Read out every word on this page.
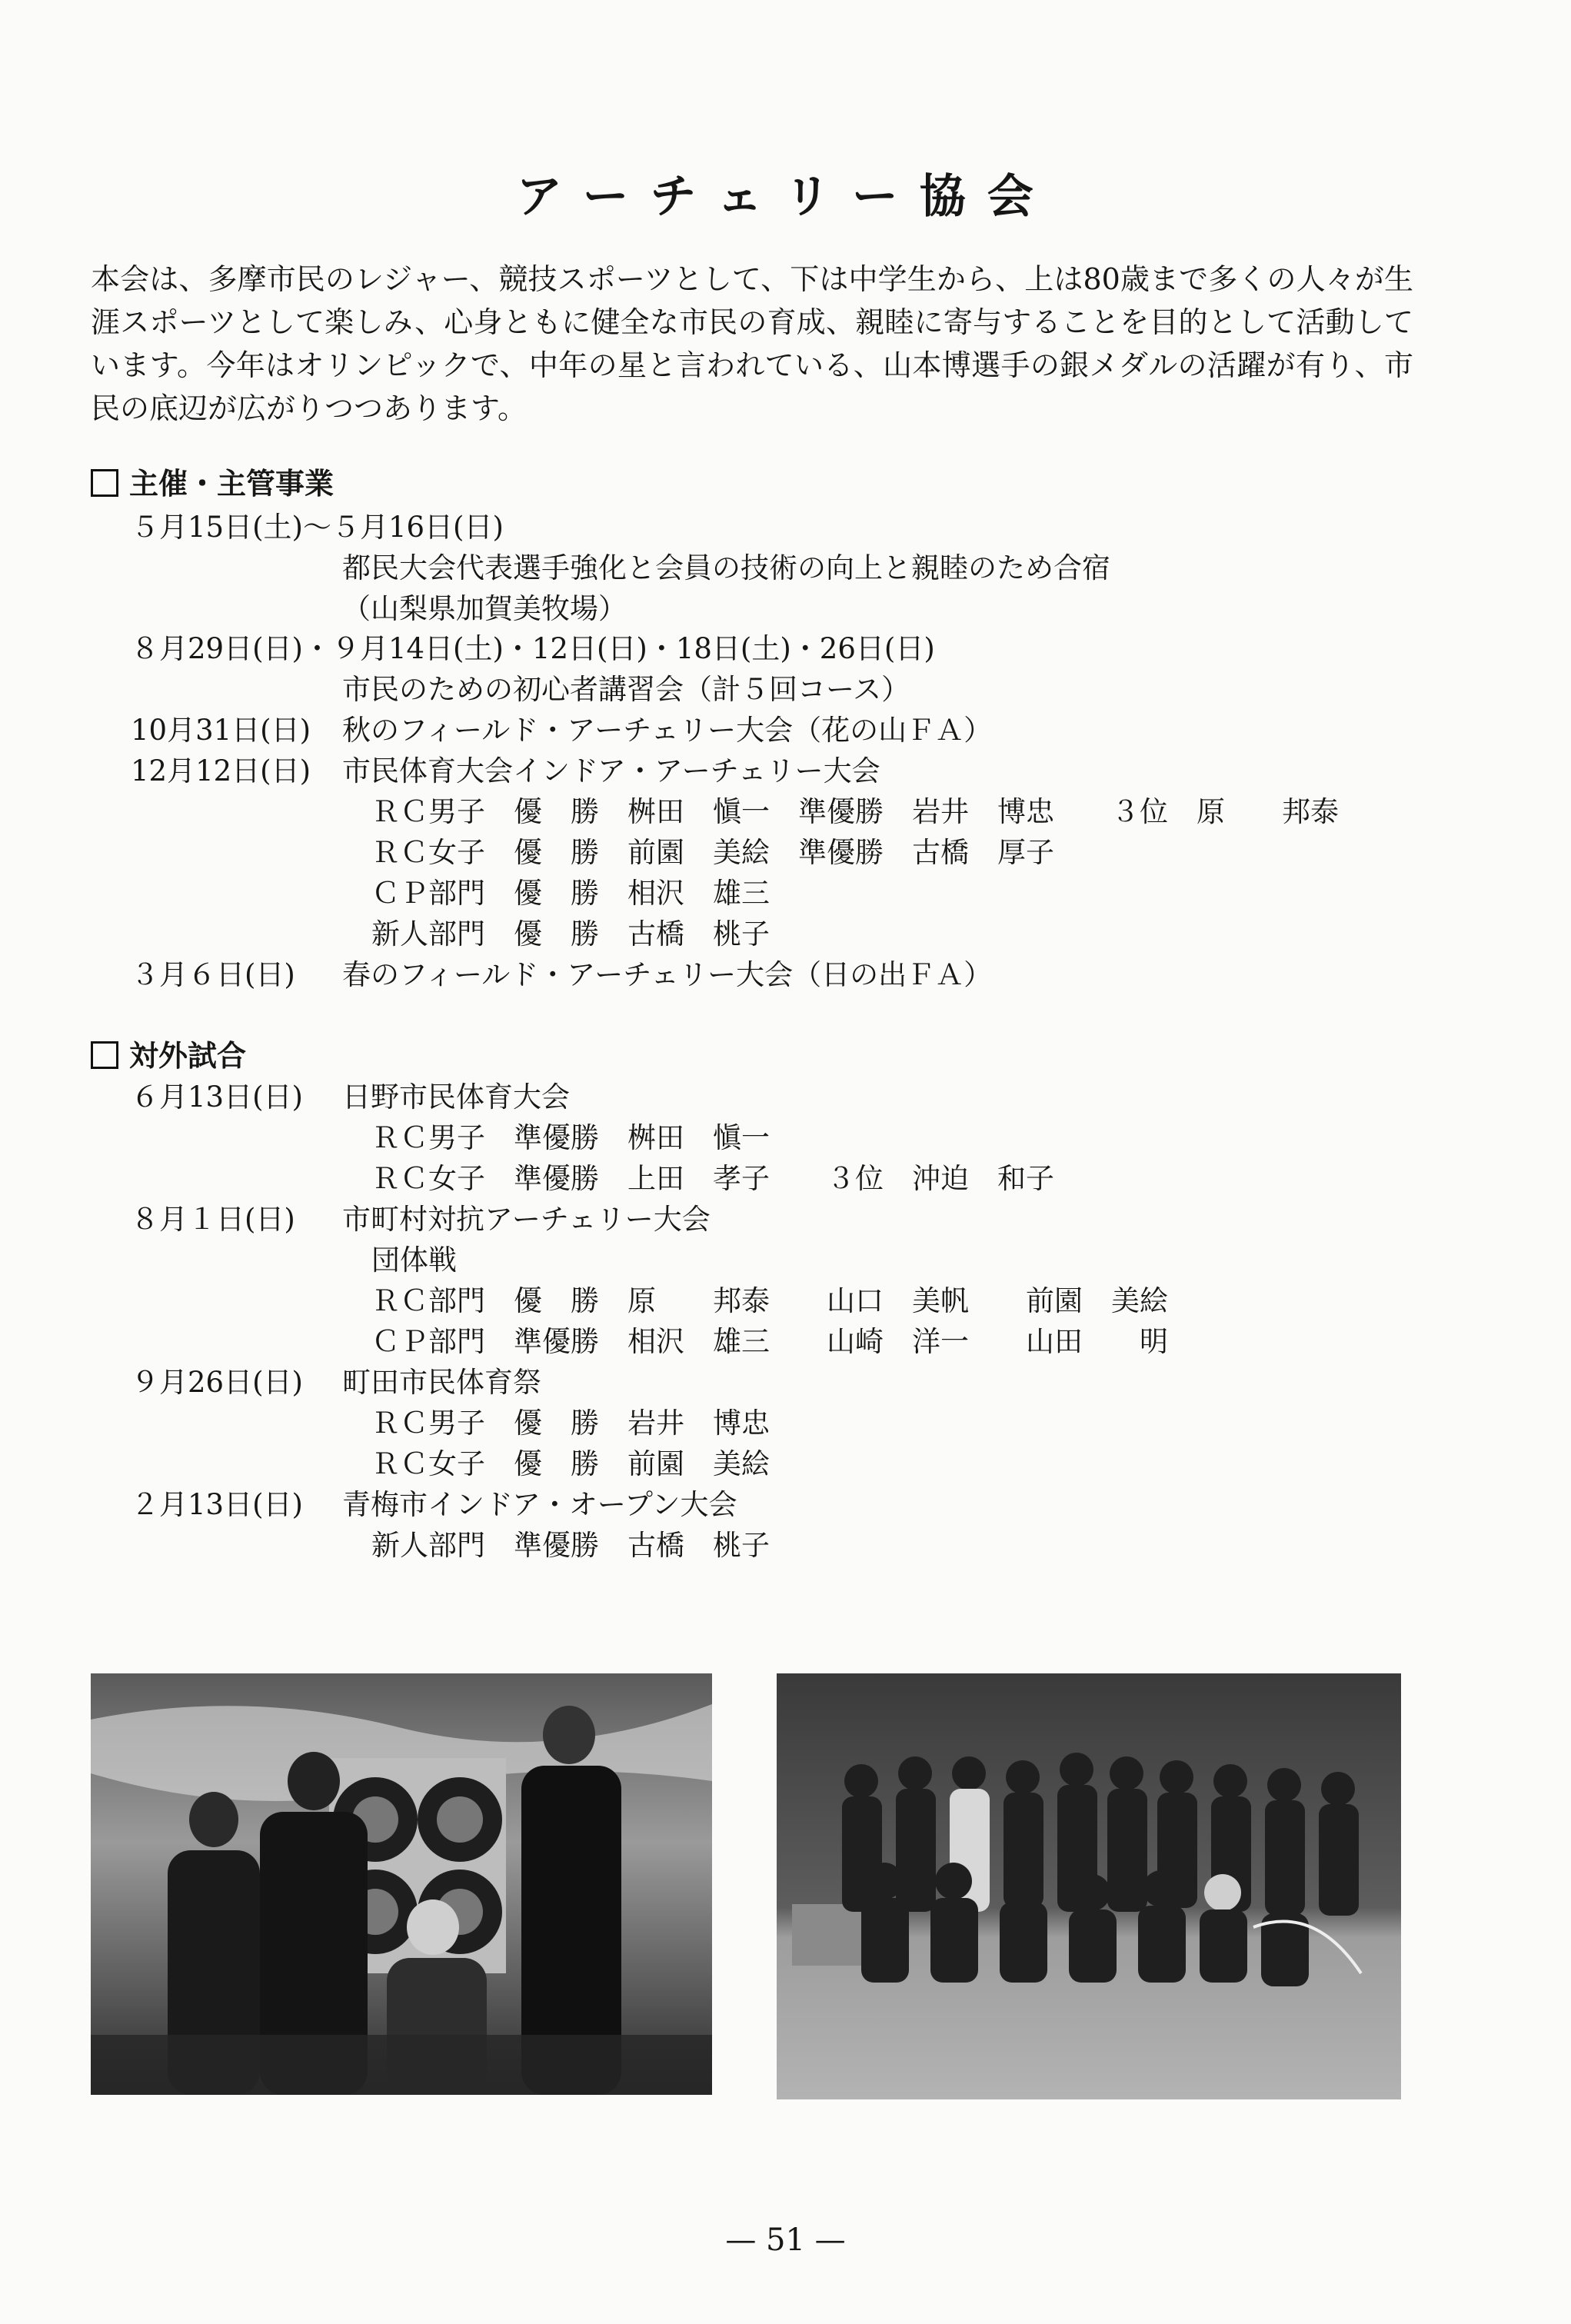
アーチェリー協会
本会は、多摩市民のレジャー、競技スポーツとして、下は中学生から、上は80歳まで多くの人々が生涯スポーツとして楽しみ、心身ともに健全な市民の育成、親睦に寄与することを目的として活動しています。今年はオリンピックで、中年の星と言われている、山本博選手の銀メダルの活躍が有り、市民の底辺が広がりつつあります。
主催・主管事業
５月15日(土)～５月16日(日)
都民大会代表選手強化と会員の技術の向上と親睦のため合宿
（山梨県加賀美牧場）
８月29日(日)・９月14日(土)・12日(日)・18日(土)・26日(日)
市民のための初心者講習会（計５回コース）
10月31日(日) 秋のフィールド・アーチェリー大会（花の山ＦＡ）
12月12日(日) 市民体育大会インドア・アーチェリー大会
ＲＣ男子　優　勝　桝田　愼一　準優勝　岩井　博忠　　３位　原　　邦泰
ＲＣ女子　優　勝　前園　美絵　準優勝　古橋　厚子
ＣＰ部門　優　勝　相沢　雄三
新人部門　優　勝　古橋　桃子
３月６日(日) 春のフィールド・アーチェリー大会（日の出ＦＡ）
対外試合
６月13日(日) 日野市民体育大会
ＲＣ男子　準優勝　桝田　愼一
ＲＣ女子　準優勝　上田　孝子　　３位　沖迫　和子
８月１日(日) 市町村対抗アーチェリー大会
団体戦
ＲＣ部門　優　勝　原　　邦泰　　山口　美帆　　前園　美絵
ＣＰ部門　準優勝　相沢　雄三　　山崎　洋一　　山田　　明
９月26日(日) 町田市民体育祭
ＲＣ男子　優　勝　岩井　博忠
ＲＣ女子　優　勝　前園　美絵
２月13日(日) 青梅市インドア・オープン大会
新人部門　準優勝　古橋　桃子
— 51 —
